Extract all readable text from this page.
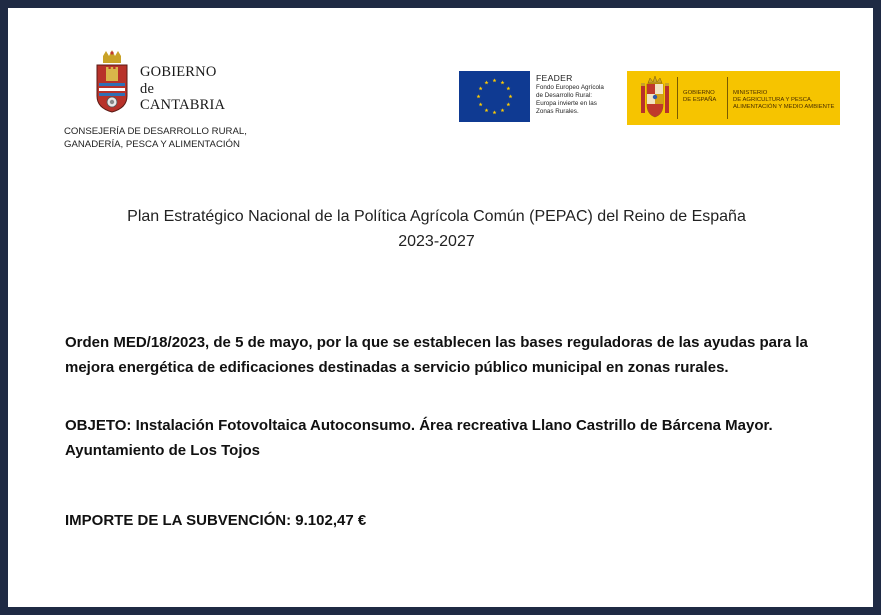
GOBIERNO
de
CANTABRIA
CONSEJERÍA DE DESARROLLO RURAL,
GANADERÍA, PESCA Y ALIMENTACIÓN
FEADER
Fondo Europeo Agrícola
de Desarrollo Rural:
Europa invierte en las
Zonas Rurales.
GOBIERNO
DE ESPAÑA
MINISTERIO
DE AGRICULTURA Y PESCA,
ALIMENTACIÓN Y MEDIO AMBIENTE
Plan Estratégico Nacional de la Política Agrícola Común (PEPAC) del Reino de España
2023-2027
Orden MED/18/2023, de 5 de mayo, por la que se establecen las bases reguladoras de las ayudas para la mejora energética de edificaciones destinadas a servicio público municipal en zonas rurales.
OBJETO: Instalación Fotovoltaica Autoconsumo. Área recreativa Llano Castrillo de Bárcena Mayor. Ayuntamiento de Los Tojos
IMPORTE DE LA SUBVENCIÓN: 9.102,47 €
